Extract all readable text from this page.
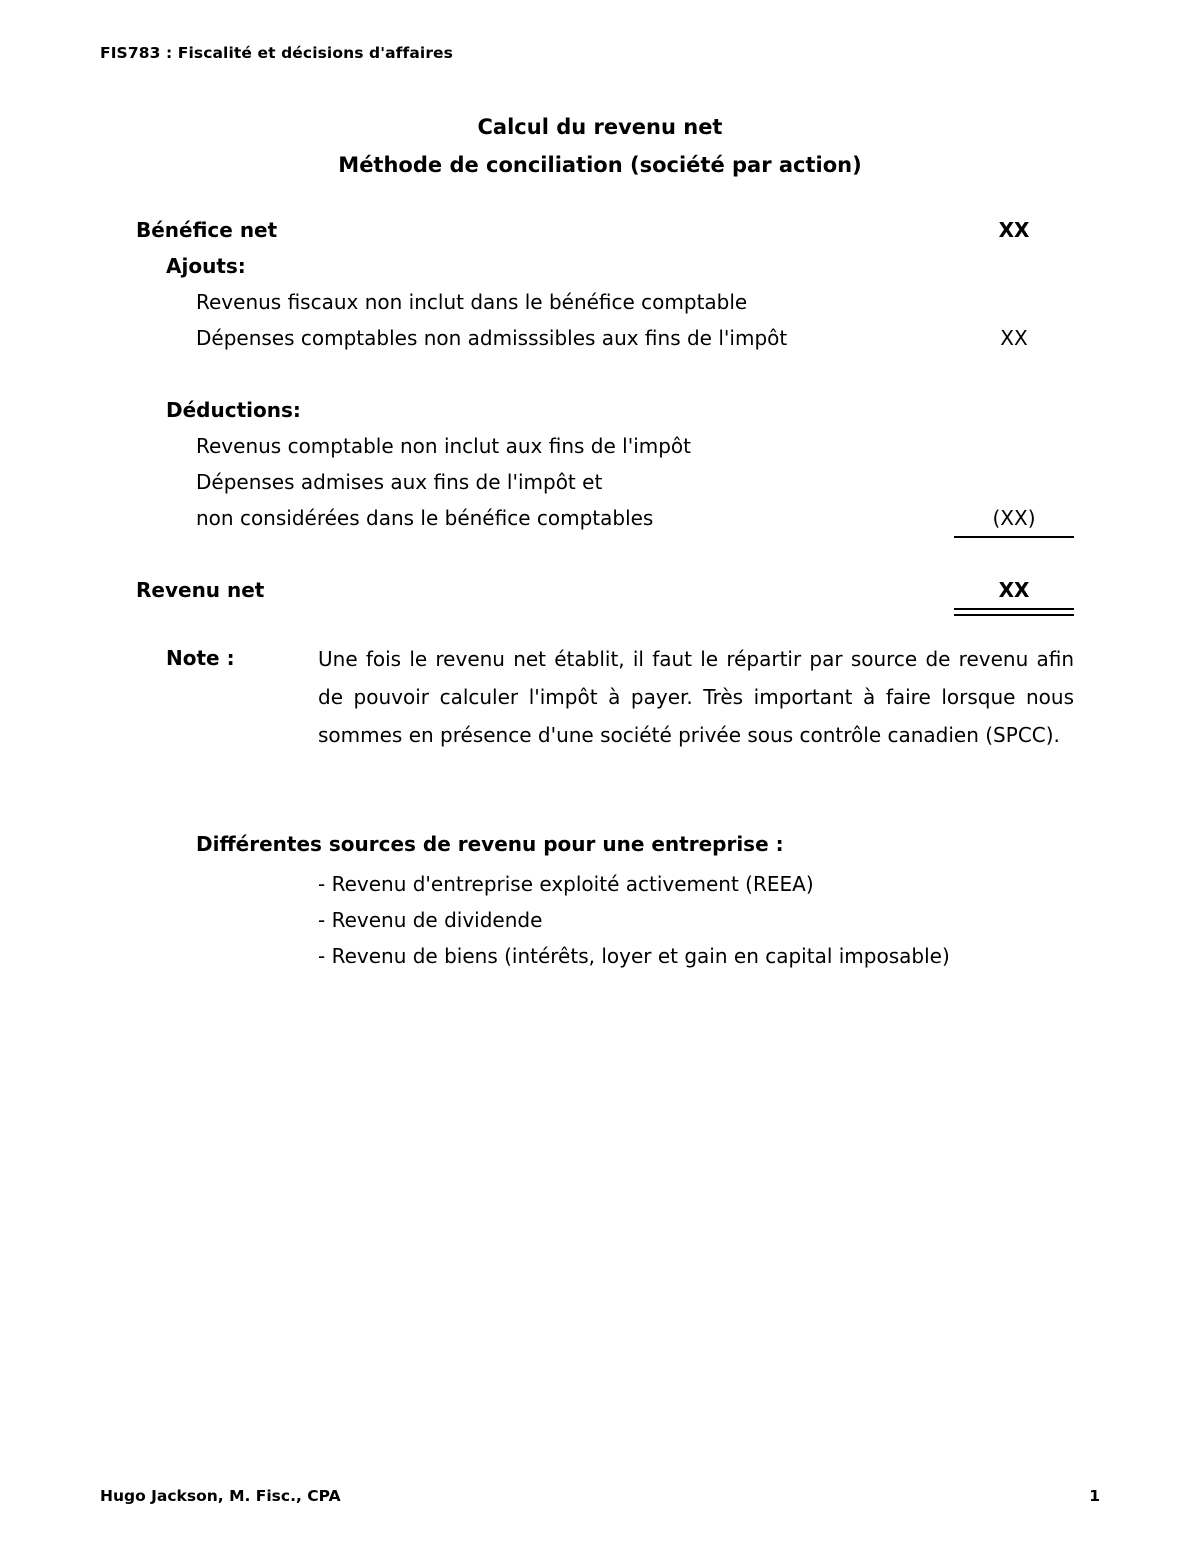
FIS783 : Fiscalité et décisions d'affaires
Calcul du revenu net
Méthode de conciliation (société par action)
Bénéfice net	XX
Ajouts:
Revenus fiscaux non inclut dans le bénéfice comptable
Dépenses comptables non admisssibles aux fins de l'impôt	XX
Déductions:
Revenus comptable non inclut aux fins de l'impôt
Dépenses admises aux fins de l'impôt et
non considérées dans le bénéfice comptables	(XX)
Revenu net	XX
Note :	Une fois le revenu net établit, il faut le répartir par source de revenu afin de pouvoir calculer l'impôt à payer. Très important à faire lorsque nous sommes en présence d'une société privée sous contrôle canadien (SPCC).
Différentes sources de revenu pour une entreprise :
- Revenu d'entreprise exploité activement (REEA)
- Revenu de dividende
- Revenu de biens (intérêts, loyer et gain en capital imposable)
Hugo Jackson, M. Fisc., CPA	1
